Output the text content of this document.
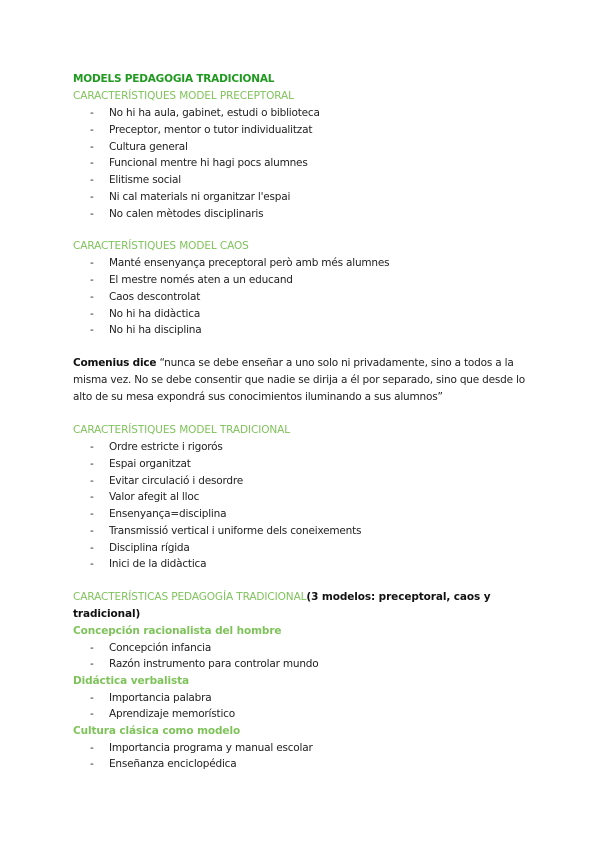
MODELS PEDAGOGIA TRADICIONAL
CARACTERÍSTIQUES MODEL PRECEPTORAL
- No hi ha aula, gabinet, estudi o biblioteca
- Preceptor, mentor o tutor individualitzat
- Cultura general
- Funcional mentre hi hagi pocs alumnes
- Elitisme social
- Ni cal materials ni organitzar l'espai
- No calen mètodes disciplinaris
CARACTERÍSTIQUES MODEL CAOS
- Manté ensenyança preceptoral però amb més alumnes
- El mestre només aten a un educand
- Caos descontrolat
- No hi ha didàctica
- No hi ha disciplina
Comenius dice “nunca se debe enseñar a uno solo ni privadamente, sino a todos a la misma vez. No se debe consentir que nadie se dirija a él por separado, sino que desde lo alto de su mesa expondrá sus conocimientos iluminando a sus alumnos”
CARACTERÍSTIQUES MODEL TRADICIONAL
- Ordre estricte i rigorós
- Espai organitzat
- Evitar circulació i desordre
- Valor afegit al lloc
- Ensenyança=disciplina
- Transmissió vertical i uniforme dels coneixements
- Disciplina rígida
- Inici de la didàctica
CARACTERÍSTICAS PEDAGOGÍA TRADICIONAL(3 modelos: preceptoral, caos y tradicional)
Concepción racionalista del hombre
- Concepción infancia
- Razón instrumento para controlar mundo
Didáctica verbalista
- Importancia palabra
- Aprendizaje memorístico
Cultura clásica como modelo
- Importancia programa y manual escolar
- Enseñanza enciclopédica
